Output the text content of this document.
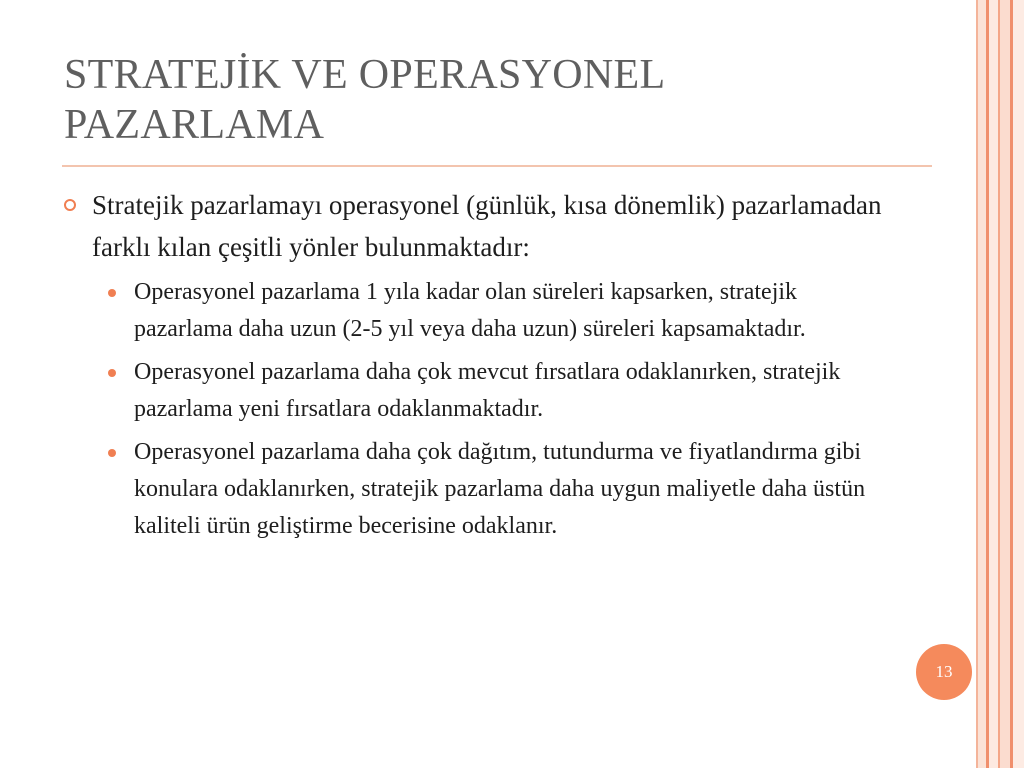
STRATEJİK VE OPERASYONEL
PAZARLAMA

Stratejik pazarlamayı operasyonel (günlük, kısa dönemlik) pazarlamadan farklı kılan çeşitli yönler bulunmaktadır:

Operasyonel pazarlama 1 yıla kadar olan süreleri kapsarken, stratejik pazarlama daha uzun (2-5 yıl veya daha uzun) süreleri kapsamaktadır.
Operasyonel pazarlama daha çok mevcut fırsatlara odaklanırken, stratejik pazarlama yeni fırsatlara odaklanmaktadır.
Operasyonel pazarlama daha çok dağıtım, tutundurma ve fiyatlandırma gibi konulara odaklanırken, stratejik pazarlama daha uygun maliyetle daha üstün kaliteli ürün geliştirme becerisine odaklanır.
13
